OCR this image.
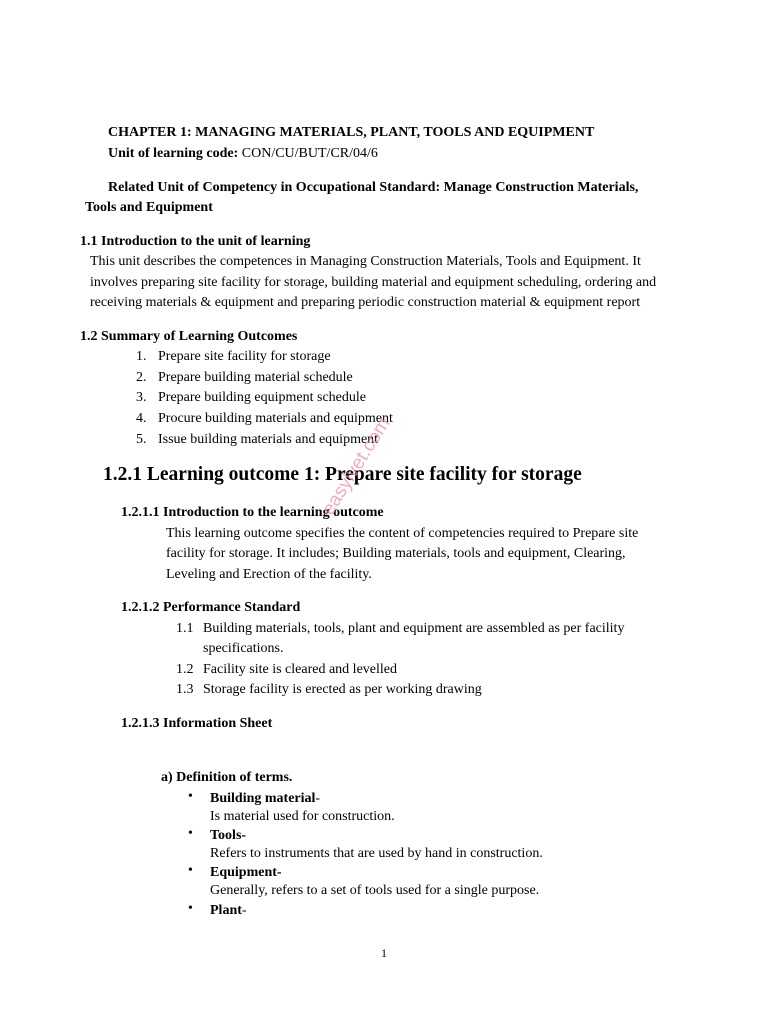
CHAPTER 1: MANAGING MATERIALS, PLANT, TOOLS AND EQUIPMENT
Unit of learning code: CON/CU/BUT/CR/04/6
Related Unit of Competency in Occupational Standard: Manage Construction Materials,
Tools and Equipment
1.1 Introduction to the unit of learning
This unit describes the competences in Managing Construction Materials, Tools and Equipment. It
involves preparing site facility for storage, building material and equipment scheduling, ordering and
receiving materials & equipment and preparing periodic construction material & equipment report
1.2 Summary of Learning Outcomes
1. Prepare site facility for storage
2. Prepare building material schedule
3. Prepare building equipment schedule
4. Procure building materials and equipment
5. Issue building materials and equipment
1.2.1 Learning outcome 1: Prepare site facility for storage
1.2.1.1 Introduction to the learning outcome
This learning outcome specifies the content of competencies required to Prepare site
facility for storage. It includes; Building materials, tools and equipment, Clearing,
Leveling and Erection of the facility.
1.2.1.2 Performance Standard
1.1 Building materials, tools, plant and equipment are assembled as per facility
specifications.
1.2 Facility site is cleared and levelled
1.3 Storage facility is erected as per working drawing
1.2.1.3 Information Sheet
a) Definition of terms.
• Building material-
Is material used for construction.
• Tools-
Refers to instruments that are used by hand in construction.
• Equipment-
Generally, refers to a set of tools used for a single purpose.
• Plant-
easylvet.com
1
